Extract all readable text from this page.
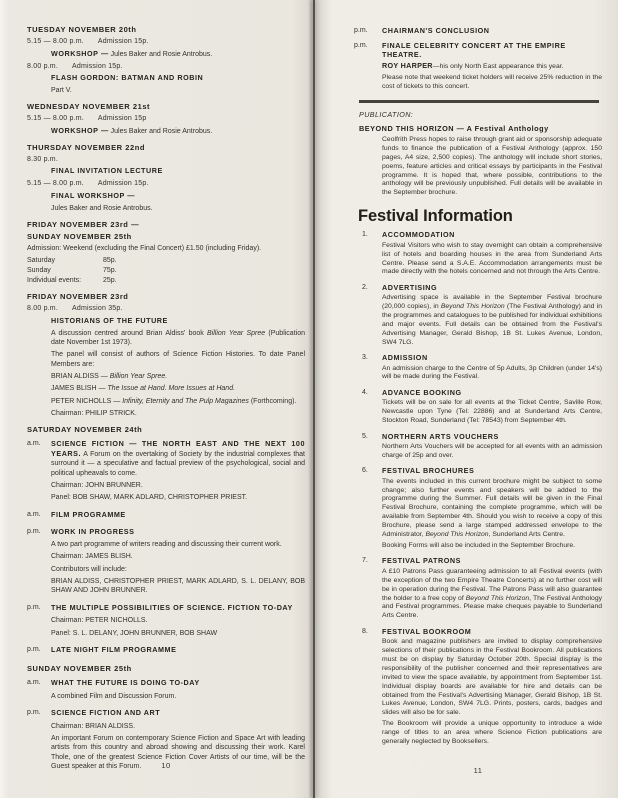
TUESDAY NOVEMBER 20th
5.15 — 8.00 p.m. Admission 15p.
WORKSHOP — Jules Baker and Rosie Antrobus.
8.00 p.m. Admission 15p.
FLASH GORDON: BATMAN AND ROBIN
Part V.
WEDNESDAY NOVEMBER 21st
5.15 — 8.00 p.m. Admission 15p
WORKSHOP — Jules Baker and Rosie Antrobus.
THURSDAY NOVEMBER 22nd
8.30 p.m.
FINAL INVITATION LECTURE
5.15 — 8.00 p.m. Admission 15p.
FINAL WORKSHOP —
Jules Baker and Rosie Antrobus.
FRIDAY NOVEMBER 23rd —
SUNDAY NOVEMBER 25th
Admission: Weekend (excluding the Final Concert) £1.50 (including Friday).
Saturday	85p.
Sunday	75p.
Individual events:	25p.
FRIDAY NOVEMBER 23rd
8.00 p.m. Admission 35p.
HISTORIANS OF THE FUTURE
A discussion centred around Brian Aldiss' book Billion Year Spree (Publication date November 1st 1973).
The panel will consist of authors of Science Fiction Histories. To date Panel Members are:
BRIAN ALDISS — Billion Year Spree.
JAMES BLISH — The Issue at Hand. More Issues at Hand.
PETER NICHOLLS — Infinity, Eternity and The Pulp Magazines (Forthcoming).
Chairman: PHILIP STRICK.
SATURDAY NOVEMBER 24th
a.m.	SCIENCE FICTION — THE NORTH EAST AND THE NEXT 100 YEARS. A Forum on the overtaking of Society by the industrial complexes that surround it — a speculative and factual preview of the psychological, social and political upheavals to come.
Chairman: JOHN BRUNNER.
Panel: BOB SHAW, MARK ADLARD, CHRISTOPHER PRIEST.
a.m.	FILM PROGRAMME
p.m.	WORK IN PROGRESS
A two part programme of writers reading and discussing their current work.
Chairman: JAMES BLISH.
Contributors will include:
BRIAN ALDISS, CHRISTOPHER PRIEST, MARK ADLARD, S. L. DELANY, BOB SHAW AND JOHN BRUNNER.
p.m.	THE MULTIPLE POSSIBILITIES OF SCIENCE. FICTION TO-DAY
Chairman: PETER NICHOLLS.
Panel: S. L. DELANY, JOHN BRUNNER, BOB SHAW
p.m.	LATE NIGHT FILM PROGRAMME
SUNDAY NOVEMBER 25th
a.m.	WHAT THE FUTURE IS DOING TO-DAY
A combined Film and Discussion Forum.
p.m.	SCIENCE FICTION AND ART
Chairman: BRIAN ALDISS.
An important Forum on contemporary Science Fiction and Space Art with leading artists from this country and abroad showing and discussing their work. Karel Thole, one of the greatest Science Fiction Cover Artists of our time, will be the Guest speaker at this Forum.	10
p.m.	CHAIRMAN'S CONCLUSION
p.m.	FINALE CELEBRITY CONCERT AT THE EMPIRE THEATRE.
ROY HARPER—his only North East appearance this year.
Please note that weekend ticket holders will receive 25% reduction in the cost of tickets to this concert.
PUBLICATION:
BEYOND THIS HORIZON — A Festival Anthology
Ceolfrith Press hopes to raise through grant aid or sponsorship adequate funds to finance the publication of a Festival Anthology (approx. 150 pages, A4 size, 2,500 copies). The anthology will include short stories, poems, feature articles and critical essays by participants in the Festival programme. It is hoped that, where possible, contributions to the anthology will be previously unpublished. Full details will be available in the September brochure.
Festival Information
1.	ACCOMMODATION
Festival Visitors who wish to stay overnight can obtain a comprehensive list of hotels and boarding houses in the area from Sunderland Arts Centre. Please send a S.A.E. Accommodation arrangements must be made directly with the hotels concerned and not through the Arts Centre.
2.	ADVERTISING
Advertising space is available in the September Festival brochure (20,000 copies), in Beyond This Horizon (The Festival Anthology) and in the programmes and catalogues to be published for individual exhibitions and major events. Full details can be obtained from the Festival's Advertising Manager, Gerald Bishop, 1B St. Lukes Avenue, London, SW4 7LG.
3.	ADMISSION
An admission charge to the Centre of 5p Adults, 3p Children (under 14's) will be made during the Festival.
4.	ADVANCE BOOKING
Tickets will be on sale for all events at the Ticket Centre, Saville Row, Newcastle upon Tyne (Tel: 22886) and at Sunderland Arts Centre, Stockton Road, Sunderland (Tel: 78543) from September 4th.
5.	NORTHERN ARTS VOUCHERS
Northern Arts Vouchers will be accepted for all events with an admission charge of 25p and over.
6.	FESTIVAL BROCHURES
The events included in this current brochure might be subject to some change; also further events and speakers will be added to the programme during the Summer. Full details will be given in the Final Festival Brochure, containing the complete programme, which will be available from September 4th. Should you wish to receive a copy of this Brochure, please send a large stamped addressed envelope to the Administrator, Beyond This Horizon, Sunderland Arts Centre.
Booking Forms will also be included in the September Brochure.
7.	FESTIVAL PATRONS
A £10 Patrons Pass guaranteeing admission to all Festival events (with the exception of the two Empire Theatre Concerts) at no further cost will be in operation during the Festival. The Patrons Pass will also guarantee the holder to a free copy of Beyond This Horizon, The Festival Anthology and Festival programmes. Please make cheques payable to Sunderland Arts Centre.
8.	FESTIVAL BOOKROOM
Book and magazine publishers are invited to display comprehensive selections of their publications in the Festival Bookroom. All publications must be on display by Saturday October 20th. Special display is the responsibility of the publisher concerned and their representatives are invited to view the space available, by appointment from September 1st. Individual display boards are available for hire and details can be obtained from the Festival's Advertising Manager, Gerald Bishop, 1B St. Lukes Avenue, London, SW4 7LG. Prints, posters, cards, badges and slides will also be for sale.
The Bookroom will provide a unique opportunity to introduce a wide range of titles to an area where Science Fiction publications are generally neglected by Booksellers.
11
